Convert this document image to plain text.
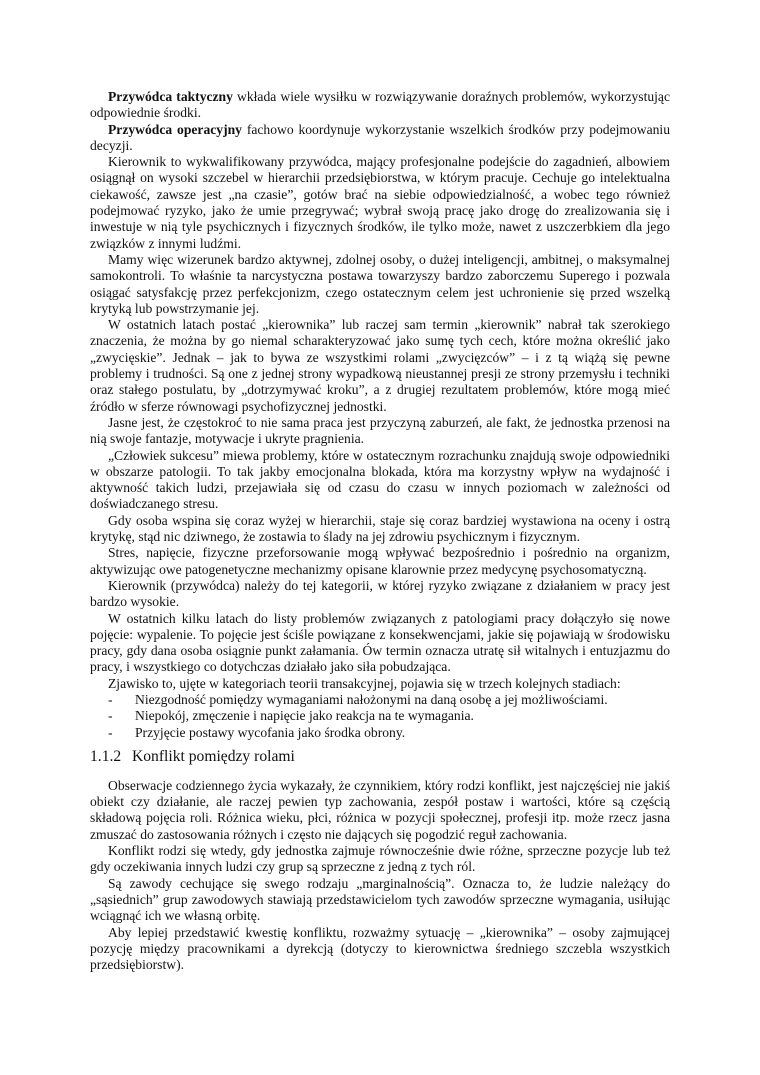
Przywódca taktyczny wkłada wiele wysiłku w rozwiązywanie doraźnych problemów, wykorzystując odpowiednie środki.

Przywódca operacyjny fachowo koordynuje wykorzystanie wszelkich środków przy podejmowaniu decyzji.

Kierownik to wykwalifikowany przywódca, mający profesjonalne podejście do zagadnień, albowiem osiągnął on wysoki szczebel w hierarchii przedsiębiorstwa, w którym pracuje. Cechuje go intelektualna ciekawość, zawsze jest „na czasie”, gotów brać na siebie odpowiedzialność, a wobec tego również podejmować ryzyko, jako że umie przegrywać; wybrał swoją pracę jako drogę do zrealizowania się i inwestuje w nią tyle psychicznych i fizycznych środków, ile tylko może, nawet z uszczerbkiem dla jego związków z innymi ludźmi.

Mamy więc wizerunek bardzo aktywnej, zdolnej osoby, o dużej inteligencji, ambitnej, o maksymalnej samokontroli. To właśnie ta narcystyczna postawa towarzyszy bardzo zaborczemu Superego i pozwala osiągać satysfakcję przez perfekcjonizm, czego ostatecznym celem jest uchronienie się przed wszelką krytyką lub powstrzymanie jej.

W ostatnich latach postać „kierownika” lub raczej sam termin „kierownik” nabrał tak szerokiego znaczenia, że można by go niemal scharakteryzować jako sumę tych cech, które można określić jako „zwycięskie”. Jednak – jak to bywa ze wszystkimi rolami „zwycięzców” – i z tą wiążą się pewne problemy i trudności. Są one z jednej strony wypadkową nieustannej presji ze strony przemysłu i techniki oraz stałego postulatu, by „dotrzymywać kroku”, a z drugiej rezultatem problemów, które mogą mieć źródło w sferze równowagi psychofizycznej jednostki.

Jasne jest, że częstokroć to nie sama praca jest przyczyną zaburzeń, ale fakt, że jednostka przenosi na nią swoje fantazje, motywacje i ukryte pragnienia.

„Człowiek sukcesu” miewa problemy, które w ostatecznym rozrachunku znajdują swoje odpowiedniki w obszarze patologii. To tak jakby emocjonalna blokada, która ma korzystny wpływ na wydajność i aktywność takich ludzi, przejawiała się od czasu do czasu w innych poziomach w zależności od doświadczanego stresu.

Gdy osoba wspina się coraz wyżej w hierarchii, staje się coraz bardziej wystawiona na oceny i ostrą krytykę, stąd nic dziwnego, że zostawia to ślady na jej zdrowiu psychicznym i fizycznym.

Stres, napięcie, fizyczne przeforsowanie mogą wpływać bezpośrednio i pośrednio na organizm, aktywizując owe patogenetyczne mechanizmy opisane klarownie przez medycynę psychosomatyczną.

Kierownik (przywódca) należy do tej kategorii, w której ryzyko związane z działaniem w pracy jest bardzo wysokie.

W ostatnich kilku latach do listy problemów związanych z patologiami pracy dołączyło się nowe pojęcie: wypalenie. To pojęcie jest ściśle powiązane z konsekwencjami, jakie się pojawiają w środowisku pracy, gdy dana osoba osiągnie punkt załamania. Ów termin oznacza utratę sił witalnych i entuzjazmu do pracy, i wszystkiego co dotychczas działało jako siła pobudzająca.

Zjawisko to, ujęte w kategoriach teorii transakcyjnej, pojawia się w trzech kolejnych stadiach:

- Niezgodność pomiędzy wymaganiami nałożonymi na daną osobę a jej możliwościami.
- Niepokój, zmęczenie i napięcie jako reakcja na te wymagania.
- Przyjęcie postawy wycofania jako środka obrony.
1.1.2 Konflikt pomiędzy rolami

Obserwacje codziennego życia wykazały, że czynnikiem, który rodzi konflikt, jest najczęściej nie jakiś obiekt czy działanie, ale raczej pewien typ zachowania, zespół postaw i wartości, które są częścią składową pojęcia roli. Różnica wieku, płci, różnica w pozycji społecznej, profesji itp. może rzecz jasna zmuszać do zastosowania różnych i często nie dających się pogodzić reguł zachowania.

Konflikt rodzi się wtedy, gdy jednostka zajmuje równocześnie dwie różne, sprzeczne pozycje lub też gdy oczekiwania innych ludzi czy grup są sprzeczne z jedną z tych ról.

Są zawody cechujące się swego rodzaju „marginalnością”. Oznacza to, że ludzie należący do „sąsiednich” grup zawodowych stawiają przedstawicielom tych zawodów sprzeczne wymagania, usiłując wciągnąć ich we własną orbitę.

Aby lepiej przedstawić kwestię konfliktu, rozważmy sytuację – „kierownika” – osoby zajmującej pozycję między pracownikami a dyrekcją (dotyczy to kierownictwa średniego szczebla wszystkich przedsiębiorstw).
